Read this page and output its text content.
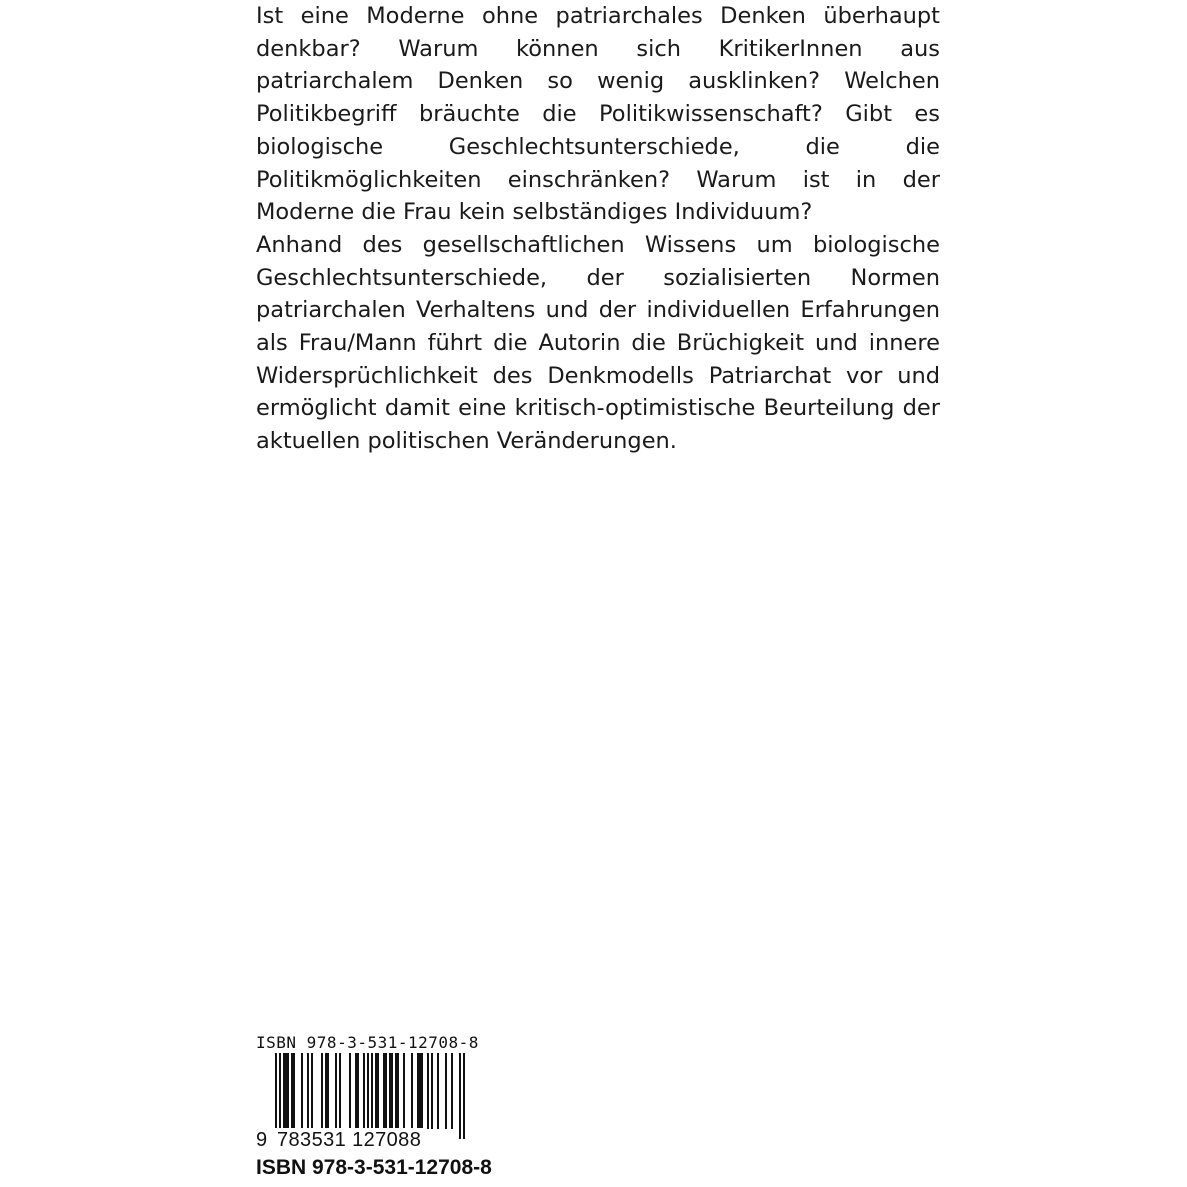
Ist eine Moderne ohne patriarchales Denken überhaupt denkbar? Warum können sich KritikerInnen aus patriarchalem Denken so wenig ausklinken? Welchen Politikbegriff bräuchte die Politikwissenschaft? Gibt es biologische Geschlechtsunterschiede, die die Politikmöglichkeiten einschränken? Warum ist in der Moderne die Frau kein selbständiges Individuum?

Anhand des gesellschaftlichen Wissens um biologische Geschlechtsunterschiede, der sozialisierten Normen patriarchalen Verhaltens und der individuellen Erfahrungen als Frau/Mann führt die Autorin die Brüchigkeit und innere Widersprüchlichkeit des Denkmodells Patriarchat vor und ermöglicht damit eine kritisch-optimistische Beurteilung der aktuellen politischen Veränderungen.

ISBN 978-3-531-12708-8
9 783531 127088
ISBN 978-3-531-12708-8
